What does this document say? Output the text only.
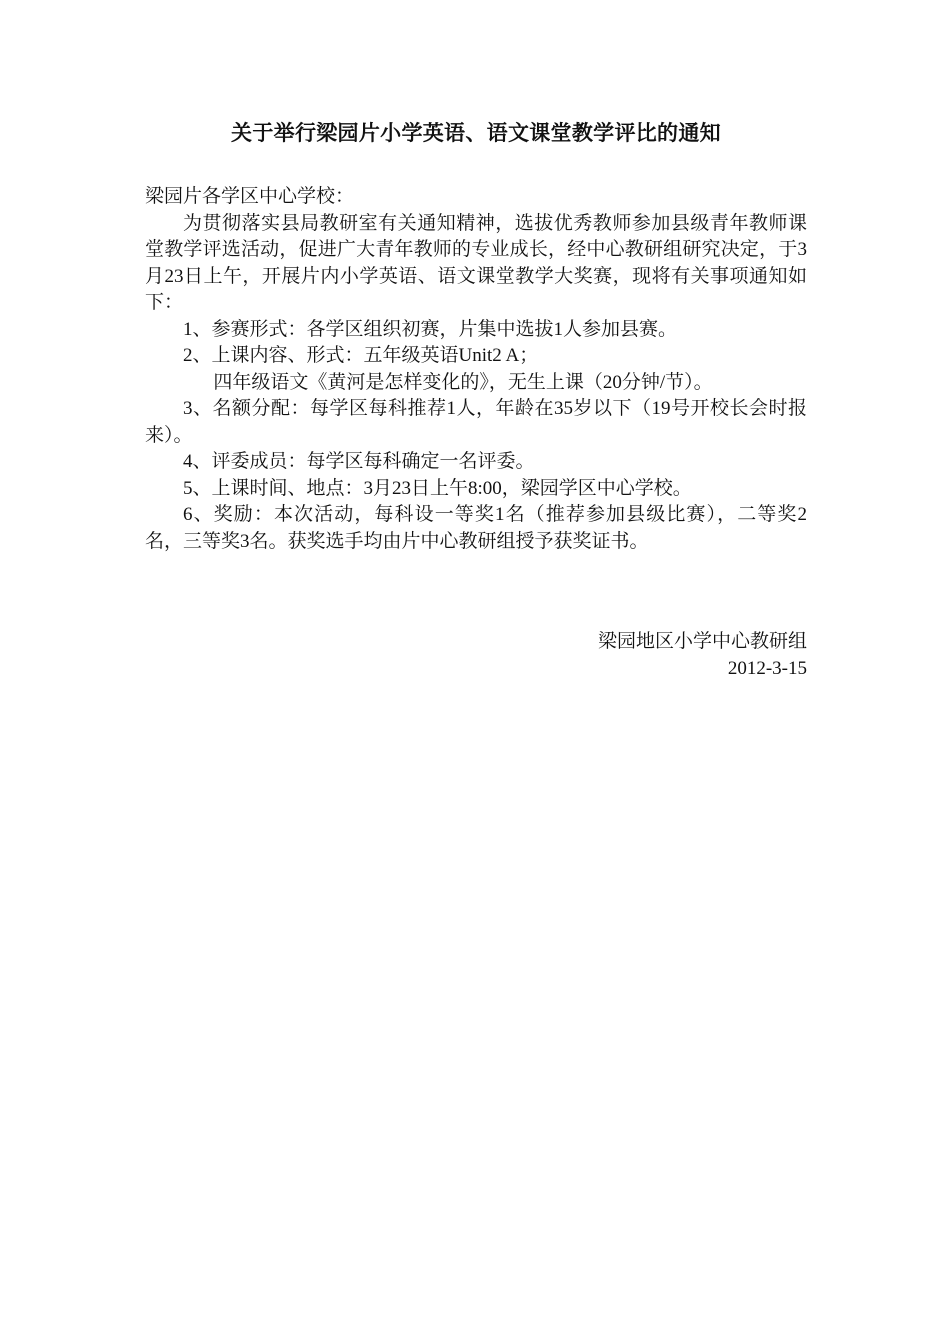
关于举行梁园片小学英语、语文课堂教学评比的通知

梁园片各学区中心学校：

为贯彻落实县局教研室有关通知精神，选拔优秀教师参加县级青年教师课堂教学评选活动，促进广大青年教师的专业成长，经中心教研组研究决定，于3月23日上午，开展片内小学英语、语文课堂教学大奖赛，现将有关事项通知如下：

1、参赛形式：各学区组织初赛，片集中选拔1人参加县赛。

2、上课内容、形式：五年级英语Unit2 A；

四年级语文《黄河是怎样变化的》，无生上课（20分钟/节）。

3、名额分配：每学区每科推荐1人，年龄在35岁以下（19号开校长会时报来）。

4、评委成员：每学区每科确定一名评委。

5、上课时间、地点：3月23日上午8:00，梁园学区中心学校。

6、奖励：本次活动，每科设一等奖1名（推荐参加县级比赛），二等奖2名，三等奖3名。获奖选手均由片中心教研组授予获奖证书。

梁园地区小学中心教研组
2012-3-15
